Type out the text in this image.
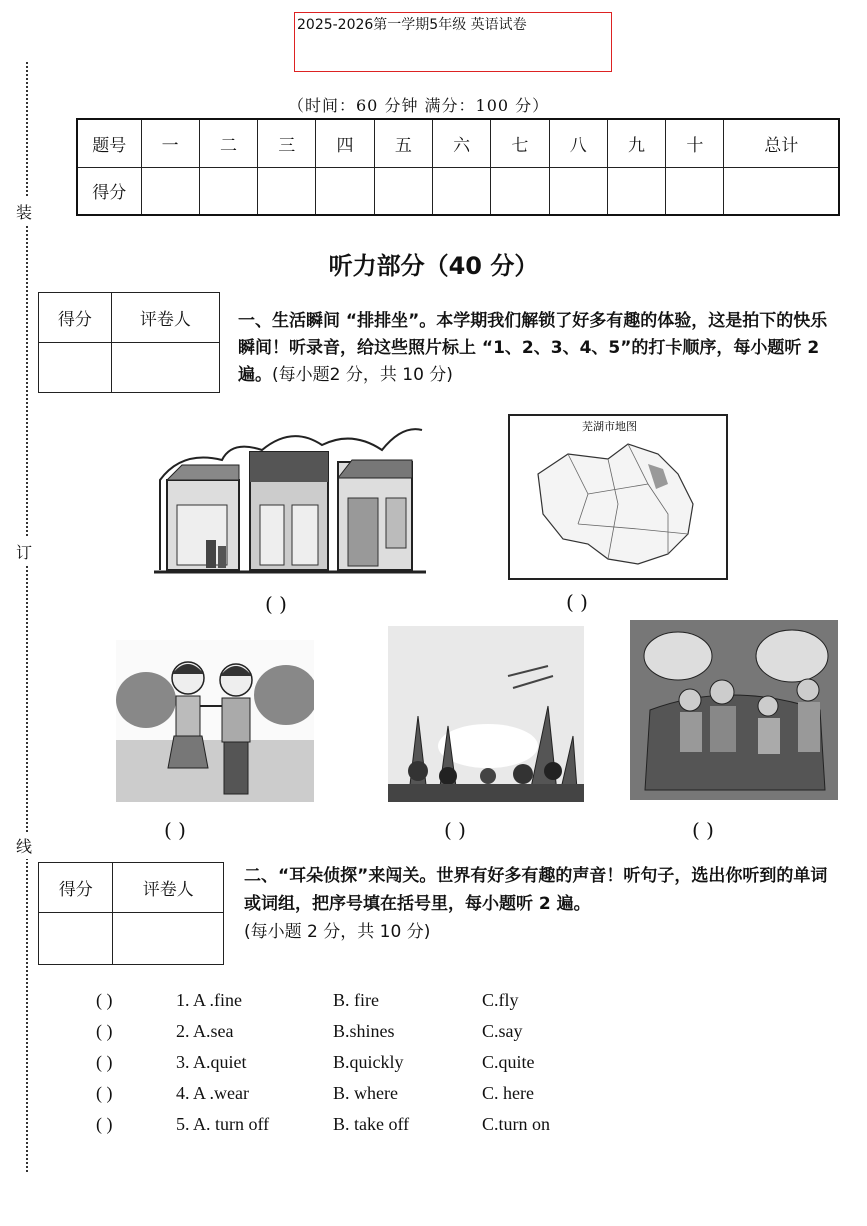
装
订
线
2025-2026第一学期5年级 英语试卷
（时间：60 分钟 满分：100 分）
题号	一	二	三	四	五	六	七	八	九	十	总计
得分											
听力部分（40 分）
得分	评卷人
		一、生活瞬间 “排排坐”。本学期我们解锁了好多有趣的体验，这是拍下的快乐瞬间！听录音，给这些照片标上 “1、2、3、4、5”的打卡顺序，每小题听 2 遍。(每小题2 分，共 10 分)
( )
芜湖市地图
( )
( )	( )	( )
得分	评卷人

二、“耳朵侦探”来闯关。世界有好多有趣的声音！听句子，选出你听到的单词或词组，把序号填在括号里，每小题听 2 遍。
(每小题 2 分，共 10 分)
( )	1. A .fine	B. fire	C.fly
( )	2. A.sea	B.shines	C.say
( )	3. A.quiet	B.quickly	C.quite
( )	4. A .wear	B. where	C. here
( )	5. A. turn off	B. take off	C.turn on
